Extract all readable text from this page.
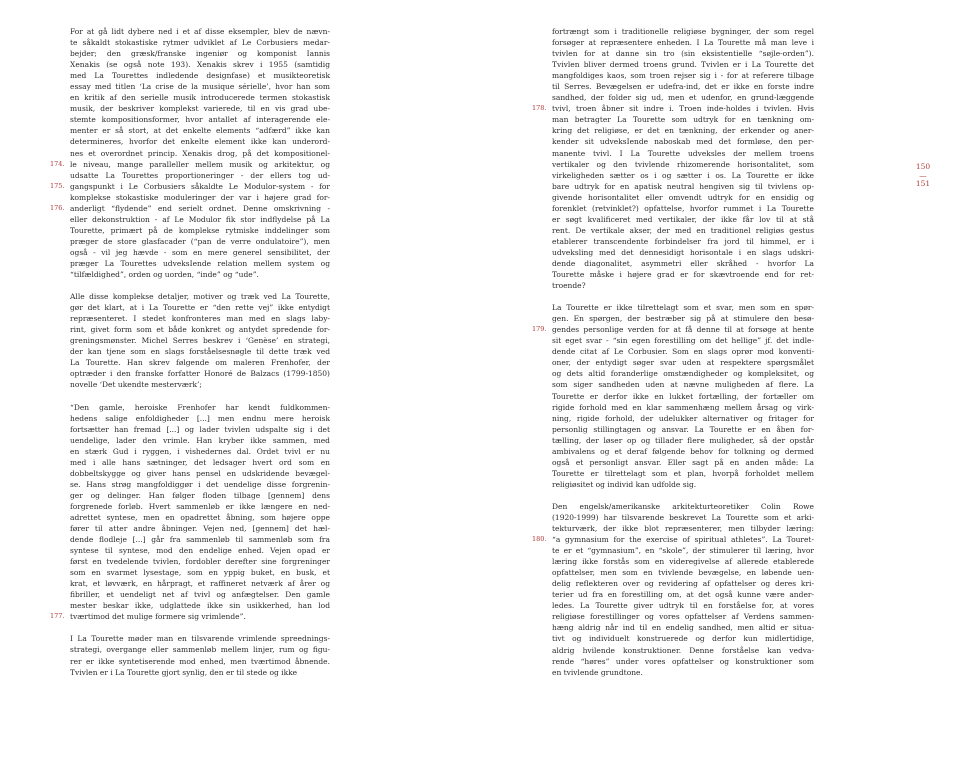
For at gå lidt dybere ned i et af disse eksempler, blev de nævn-
te såkaldt stokastiske rytmer udviklet af Le Corbusiers medar-
bejder; den græsk/franske ingeniør og komponist Iannis
Xenakis (se også note 193). Xenakis skrev i 1955 (samtidig
med La Tourettes indledende designfase) et musikteoretisk
essay med titlen ‘La crise de la musique sérielle’, hvor han som
en kritik af den serielle musik introducerede termen stokastisk
musik, der beskriver komplekst varierede, til en vis grad ube-
stemte kompositionsformer, hvor antallet af interagerende ele-
menter er så stort, at det enkelte elements “adfærd” ikke kan
determineres, hvorfor det enkelte element ikke kan underord-
nes et overordnet princip. Xenakis drog, på det kompositionel-
le niveau, mange paralleller mellem musik og arkitektur, og
174.
udsatte La Tourettes proportioneringer - der ellers tog ud-
gangspunkt i Le Corbusiers såkaldte Le Modulor-system - for
175.
komplekse stokastiske moduleringer der var i højere grad for-
anderligt “flydende” end serielt ordnet. Denne omskrivning -
176.
eller dekonstruktion - af Le Modulor fik stor indflydelse på La
Tourette, primært på de komplekse rytmiske inddelinger som
præger de store glasfacader (“pan de verre ondulatoire”), men
også - vil jeg hævde - som en mere generel sensibilitet, der
præger La Tourettes udveksIende relation mellem system og
“tilfældighed”, orden og uorden, “inde” og “ude”.

Alle disse komplekse detaljer, motiver og træk ved La Tourette,
gør det klart, at i La Tourette er “den rette vej” ikke entydigt
repræsenteret. I stedet konfronteres man med en slags laby-
rint, givet form som et både konkret og antydet spredende for-
greningsmønster. Michel Serres beskrev i ‘Genèse’ en strategi,
der kan tjene som en slags forståelsesnøgle til dette træk ved
La Tourette. Han skrev følgende om maleren Frenhofer, der
optræder i den franske forfatter Honoré de Balzacs (1799-1850)
novelle ‘Det ukendte mesterværk’;

“Den gamle, heroiske Frenhofer har kendt fuldkommen-
hedens salige enfoldigheder [...] men endnu mere heroisk
fortsætter han fremad [...] og lader tvivlen udspalte sig i det
uendelige, lader den vrimle. Han kryber ikke sammen, med
en stærk Gud i ryggen, i vishedernes dal. Ordet tvivl er nu
med i alle hans sætninger, det ledsager hvert ord som en
dobbeltskygge og giver hans pensel en udskridende bevægel-
se. Hans strøg mangfoldiggør i det uendelige disse forgrenin-
ger og delinger. Han følger floden tilbage [gennem] dens
forgrenede forløb. Hvert sammenløb er ikke længere en ned-
adrettet syntese, men en opadrettet åbning, som højere oppe
fører til atter andre åbninger. Vejen ned, [gennem] det hæl-
dende flodleje [...] går fra sammenløb til sammenløb som fra
syntese til syntese, mod den endelige enhed. Vejen opad er
først en tvedelende tvivlen, fordobler derefter sine forgreninger
som en svarmet lysestage, som en yppig buket, en busk, et
krat, et løvværk, en hårpragt, et raffineret netværk af årer og
fibriller, et uendeligt net af tvivl og anfægtelser. Den gamle
mester beskar ikke, udglattede ikke sin usikkerhed, han lod
tværtimod det mulige formere sig vrimlende”.
177.

I La Tourette møder man en tilsvarende vrimlende spreednings-
strategi, overgange eller sammenløb mellem linjer, rum og figu-
rer er ikke syntetiserende mod enhed, men tværtimod åbnende.
Tvivlen er i La Tourette gjort synlig, den er til stede og ikke

fortrængt som i traditionelle religiøse bygninger, der som regel
forsøger at repræsentere enheden. I La Tourette må man leve i
tvivlen for at danne sin tro (sin eksistentielle “søjle-orden”).
Tvivlen bliver dermed troens grund. Tvivlen er i La Tourette det
mangfoldiges kaos, som troen rejser sig i - for at referere tilbage
til Serres. Bevægelsen er udefra-ind, det er ikke en forste indre
sandhed, der folder sig ud, men et udenfor, en grund-læggende
tvivl, troen åbner sit indre i. Troen inde-holdes i tvivlen. Hvis
178.
man betragter La Tourette som udtryk for en tænkning om-
kring det religiøse, er det en tænkning, der erkender og aner-
kender sit udveksIende naboskab med det formløse, den per-
manente tvivl. I La Tourette udveksles der mellem troens
vertikaler og den tvivlende rhizomerende horisontalitet, som
virkeligheden sætter os i og sætter i os. La Tourette er ikke
bare udtryk for en apatisk neutral hengiven sig til tvivlens op-
givende horisontalitet eller omvendt udtryk for en ensidig og
forenklet (retvinklet?) opfattelse, hvorfor rummet i La Tourette
er søgt kvalificeret med vertikaler, der ikke får lov til at stå
rent. De vertikale akser, der med en traditionel religiøs gestus
etablerer transcendente forbindelser fra jord til himmel, er i
udveksling med det dennesidigt horisontale i en slags udskri-
dende diagonalitet, asymmetri eller skråhed - hvorfor La
Tourette måske i højere grad er for skævtroende end for ret-
troende?

La Tourette er ikke tilrettelagt som et svar, men som en spør-
gen. En spørgen, der bestræber sig på at stimulere den besø-
gendes personlige verden for at få denne til at forsøge at hente
179.
sit eget svar - “sin egen forestilling om det hellige” jf. det indle-
dende citat af Le Corbusier. Som en slags oprør mod konventi-
oner, der entydigt søger svar uden at respektere spørgsmålet
og dets altid foranderlige omstændigheder og kompleksitet, og
som siger sandheden uden at nævne muligheden af flere. La
Tourette er derfor ikke en lukket fortælling, der fortæller om
rigide forhold med en klar sammenhæng mellem årsag og virk-
ning, rigide forhold, der udelukker alternativer og fritager for
personlig stillingtagen og ansvar. La Tourette er en åben for-
tælling, der løser op og tillader flere muligheder, så der opstår
ambivalens og et deraf følgende behov for tolkning og dermed
også et personligt ansvar. Eller sagt på en anden måde: La
Tourette er tilrettelagt som et plan, hvorpå forholdet mellem
religiøsitet og individ kan udfolde sig.

Den engelsk/amerikanske arkitekturteoretiker Colin Rowe
(1920-1999) har tilsvarende beskrevet La Tourette som et arki-
tekturværk, der ikke blot repræsenterer, men tilbyder læring:
“a gymnasium for the exercise of spiritual athletes”. La Touret-
180.
te er et “gymnasium”, en “skole”, der stimulerer til læring, hvor
læring ikke forstås som en videregivelse af allerede etablerede
opfattelser, men som en tvivlende bevægelse, en løbende uen-
delig reflekteren over og revidering af opfattelser og deres kri-
terier ud fra en forestilling om, at det også kunne være ander-
ledes. La Tourette giver udtryk til en forståelse for, at vores
religiøse forestillinger og vores opfattelser af Verdens sammen-
hæng aldrig når ind til en endelig sandhed, men altid er situa-
tivt og individuelt konstruerede og derfor kun midlertidige,
aldrig hvilende konstruktioner. Denne forståelse kan vedva-
rende “høres” under vores opfattelser og konstruktioner som
en tvivlende grundtone.

150
—
151
